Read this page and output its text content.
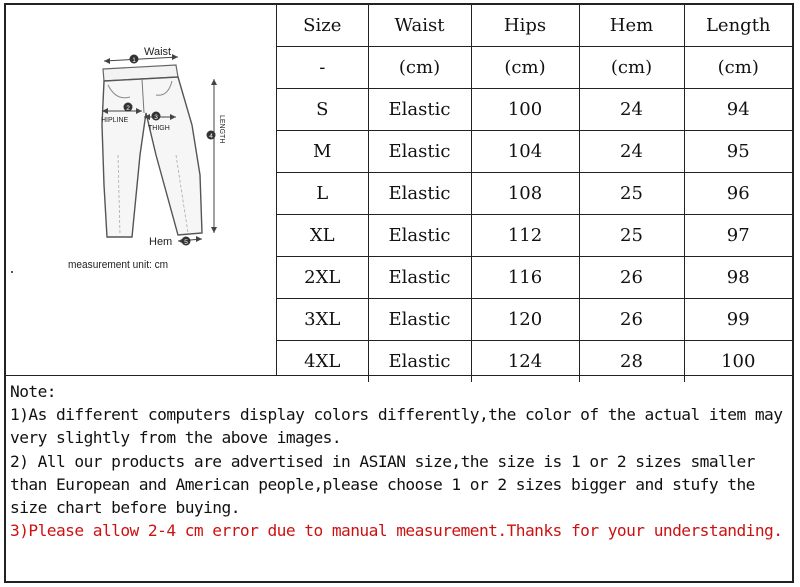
1
Waist
2
HIPLINE	3
THIGH
4 LENGTH
5
Hem
measurement unit: cm
Size	Waist	Hips	Hem	Length
-	(cm)	(cm)	(cm)	(cm)
S	Elastic	100	24	94
M	Elastic	104	24	95
L	Elastic	108	25	96
XL	Elastic	112	25	97
2XL	Elastic	116	26	98
3XL	Elastic	120	26	99
4XL	Elastic	124	28	100

Note:

1)As different computers display colors differently,the color of the actual item may very slightly from the above images.

2) All our products are advertised in ASIAN size,the size is 1 or 2 sizes smaller than European and American people,please choose 1 or 2 sizes bigger and stufy the size chart before buying.

3)Please allow 2-4 cm error due to manual measurement.Thanks for your understanding.
